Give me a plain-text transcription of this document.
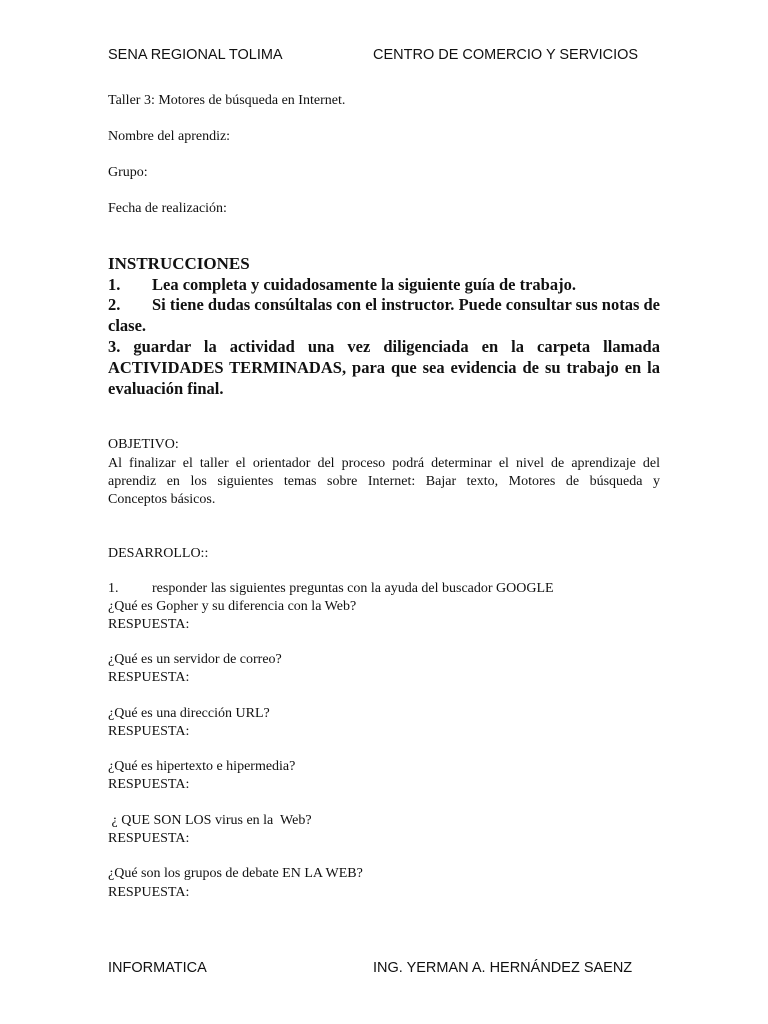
SENA REGIONAL TOLIMA	CENTRO DE COMERCIO Y SERVICIOS
Taller 3: Motores de búsqueda en Internet.
Nombre del aprendiz:
Grupo:
Fecha de realización:
INSTRUCCIONES
1. Lea completa y cuidadosamente la siguiente guía de trabajo.
2. Si tiene dudas consúltalas con el instructor. Puede consultar sus notas de
clase.
3. guardar la actividad una vez diligenciada en la carpeta llamada
ACTIVIDADES TERMINADAS, para que sea evidencia de su trabajo en la
evaluación final.
OBJETIVO:
Al finalizar el taller el orientador del proceso podrá determinar el nivel de aprendizaje del
aprendiz en los siguientes temas sobre Internet: Bajar texto, Motores de búsqueda y
Conceptos básicos.
DESARROLLO::
1. responder las siguientes preguntas con la ayuda del buscador GOOGLE
¿Qué es Gopher y su diferencia con la Web?
RESPUESTA:
¿Qué es un servidor de correo?
RESPUESTA:
¿Qué es una dirección URL?
RESPUESTA:
¿Qué es hipertexto e hipermedia?
RESPUESTA:
¿ QUE SON LOS virus en la  Web?
RESPUESTA:
¿Qué son los grupos de debate EN LA WEB?
RESPUESTA:
INFORMATICA	ING. YERMAN A. HERNÁNDEZ SAENZ
